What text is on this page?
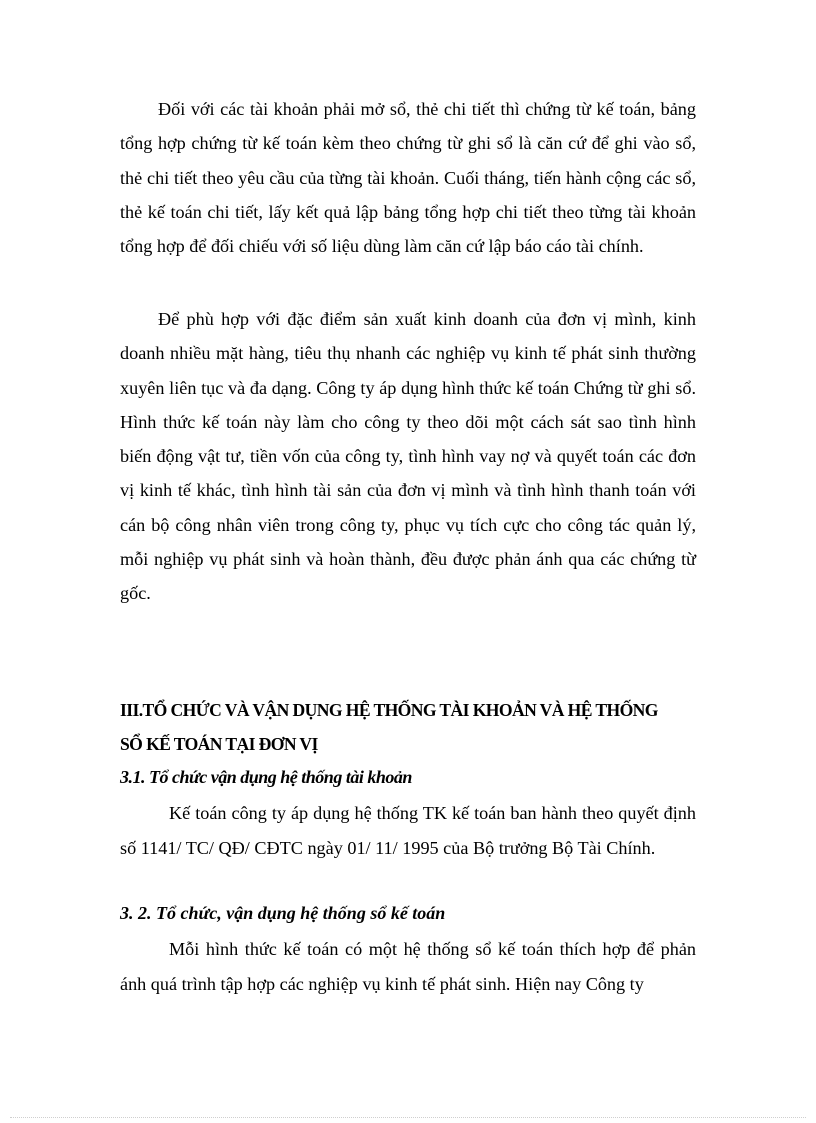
Đối với các tài khoản phải mở sổ, thẻ chi tiết thì chứng từ kế toán, bảng tổng hợp chứng từ kế toán kèm theo chứng từ ghi sổ là căn cứ để ghi vào sổ, thẻ chi tiết theo yêu cầu của từng tài khoản. Cuối tháng, tiến hành cộng các sổ, thẻ kế toán chi tiết, lấy kết quả lập bảng tổng hợp chi tiết theo từng tài khoản tổng hợp để đối chiếu với số liệu dùng làm căn cứ lập báo cáo tài chính.

Để phù hợp với đặc điểm sản xuất kinh doanh của đơn vị mình, kinh doanh nhiều mặt hàng, tiêu thụ nhanh các nghiệp vụ kinh tế phát sinh thường xuyên liên tục và đa dạng. Công ty áp dụng hình thức kế toán Chứng từ ghi sổ. Hình thức kế toán này làm cho công ty theo dõi một cách sát sao tình hình biến động vật tư, tiền vốn của công ty, tình hình vay nợ và quyết toán các đơn vị kinh tế khác, tình hình tài sản của đơn vị mình và tình hình thanh toán với cán bộ công nhân viên trong công ty, phục vụ tích cực cho công tác quản lý, mỗi nghiệp vụ phát sinh và hoàn thành, đều được phản ánh qua các chứng từ gốc.

III.TỔ CHỨC VÀ VẬN DỤNG HỆ THỐNG TÀI KHOẢN VÀ HỆ THỐNG
SỔ KẾ TOÁN TẠI ĐƠN VỊ

3.1. Tổ chức vận dụng hệ thống tài khoản

Kế toán công ty áp dụng hệ thống TK kế toán ban hành theo quyết định số 1141/ TC/ QĐ/ CĐTC ngày 01/ 11/ 1995 của Bộ trưởng Bộ Tài Chính.

3. 2. Tổ chức, vận dụng hệ thống sổ kế toán

Mỗi hình thức kế toán có một hệ thống sổ kế toán thích hợp để phản ánh quá trình tập hợp các nghiệp vụ kinh tế phát sinh. Hiện nay Công ty
